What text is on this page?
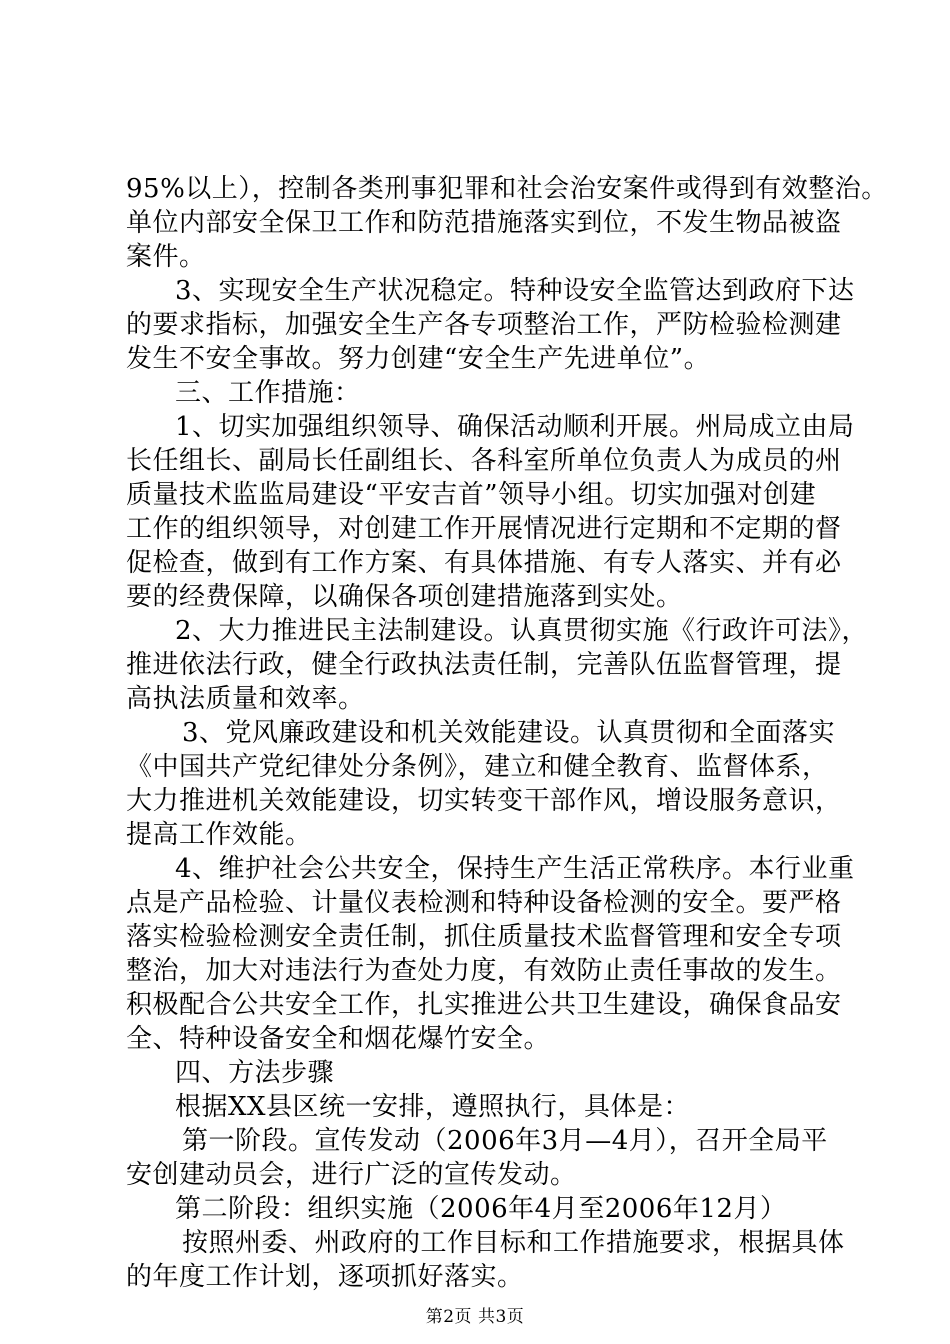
95%以上），控制各类刑事犯罪和社会治安案件或得到有效整治。
单位内部安全保卫工作和防范措施落实到位，不发生物品被盗
案件。
3、实现安全生产状况稳定。特种设安全监管达到政府下达
的要求指标，加强安全生产各专项整治工作，严防检验检测建
发生不安全事故。努力创建“安全生产先进单位”。
三、工作措施：
1、切实加强组织领导、确保活动顺利开展。州局成立由局
长任组长、副局长任副组长、各科室所单位负责人为成员的州
质量技术监监局建设“平安吉首”领导小组。切实加强对创建
工作的组织领导，对创建工作开展情况进行定期和不定期的督
促检查，做到有工作方案、有具体措施、有专人落实、并有必
要的经费保障，以确保各项创建措施落到实处。
2、大力推进民主法制建设。认真贯彻实施《行政许可法》，
推进依法行政，健全行政执法责任制，完善队伍监督管理，提
高执法质量和效率。
3、党风廉政建设和机关效能建设。认真贯彻和全面落实
《中国共产党纪律处分条例》，建立和健全教育、监督体系，
大力推进机关效能建设，切实转变干部作风，增设服务意识，
提高工作效能。
4、维护社会公共安全，保持生产生活正常秩序。本行业重
点是产品检验、计量仪表检测和特种设备检测的安全。要严格
落实检验检测安全责任制，抓住质量技术监督管理和安全专项
整治，加大对违法行为查处力度，有效防止责任事故的发生。
积极配合公共安全工作，扎实推进公共卫生建设，确保食品安
全、特种设备安全和烟花爆竹安全。
四、方法步骤
根据XX县区统一安排，遵照执行，具体是：
第一阶段。宣传发动（2006年3月—4月），召开全局平
安创建动员会，进行广泛的宣传发动。
第二阶段：组织实施（2006年4月至2006年12月）
按照州委、州政府的工作目标和工作措施要求，根据具体
的年度工作计划，逐项抓好落实。
第2页 共3页
